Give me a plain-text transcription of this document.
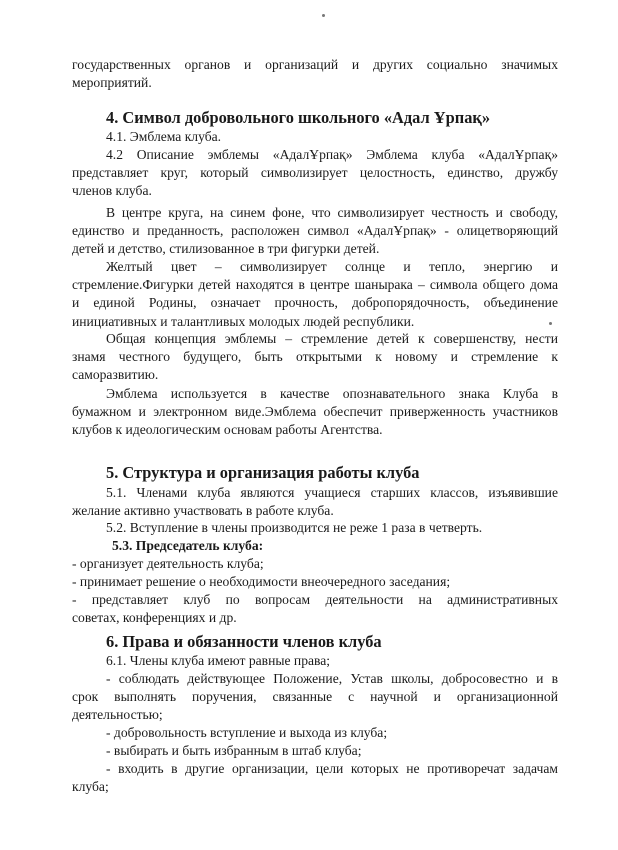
государственных органов и организаций и других социально значимых
мероприятий.
4. Символ добровольного школьного «Адал Ұрпақ»
4.1. Эмблема клуба.
4.2 Описание эмблемы «АдалҰрпақ» Эмблема клуба «АдалҰрпақ»
представляет круг, который символизирует целостность, единство, дружбу
членов клуба.
В центре круга, на синем фоне, что символизирует честность и свободу,
единство и преданность, расположен символ «АдалҰрпақ» - олицетворяющий
детей и детство, стилизованное в три фигурки детей.
Желтый цвет – символизирует солнце и тепло, энергию и
стремление.Фигурки детей находятся в центре шанырака – символа общего дома
и единой Родины, означает прочность, добропорядочность, объединение
инициативных и талантливых молодых людей республики.
Общая концепция эмблемы – стремление детей к совершенству, нести
знамя честного будущего, быть открытыми к новому и стремление к
саморазвитию.
Эмблема используется в качестве опознавательного знака Клуба в
бумажном и электронном виде.Эмблема обеспечит приверженность участников
клубов к идеологическим основам работы Агентства.
5. Структура и организация работы клуба
5.1. Членами клуба являются учащиеся старших классов, изъявившие
желание активно участвовать в работе клуба.
5.2. Вступление в члены производится не реже 1 раза в четверть.
5.3. Председатель клуба:
- организует деятельность клуба;
- принимает решение о необходимости внеочередного заседания;
- представляет клуб по вопросам деятельности на административных
советах, конференциях и др.
6. Права и обязанности членов клуба
6.1. Члены клуба имеют равные права;
- соблюдать действующее Положение, Устав школы, добросовестно и в
срок выполнять поручения, связанные с научной и организационной
деятельностью;
- добровольность вступление и выхода из клуба;
- выбирать и быть избранным в штаб клуба;
- входить в другие организации, цели которых не противоречат задачам
клуба;
